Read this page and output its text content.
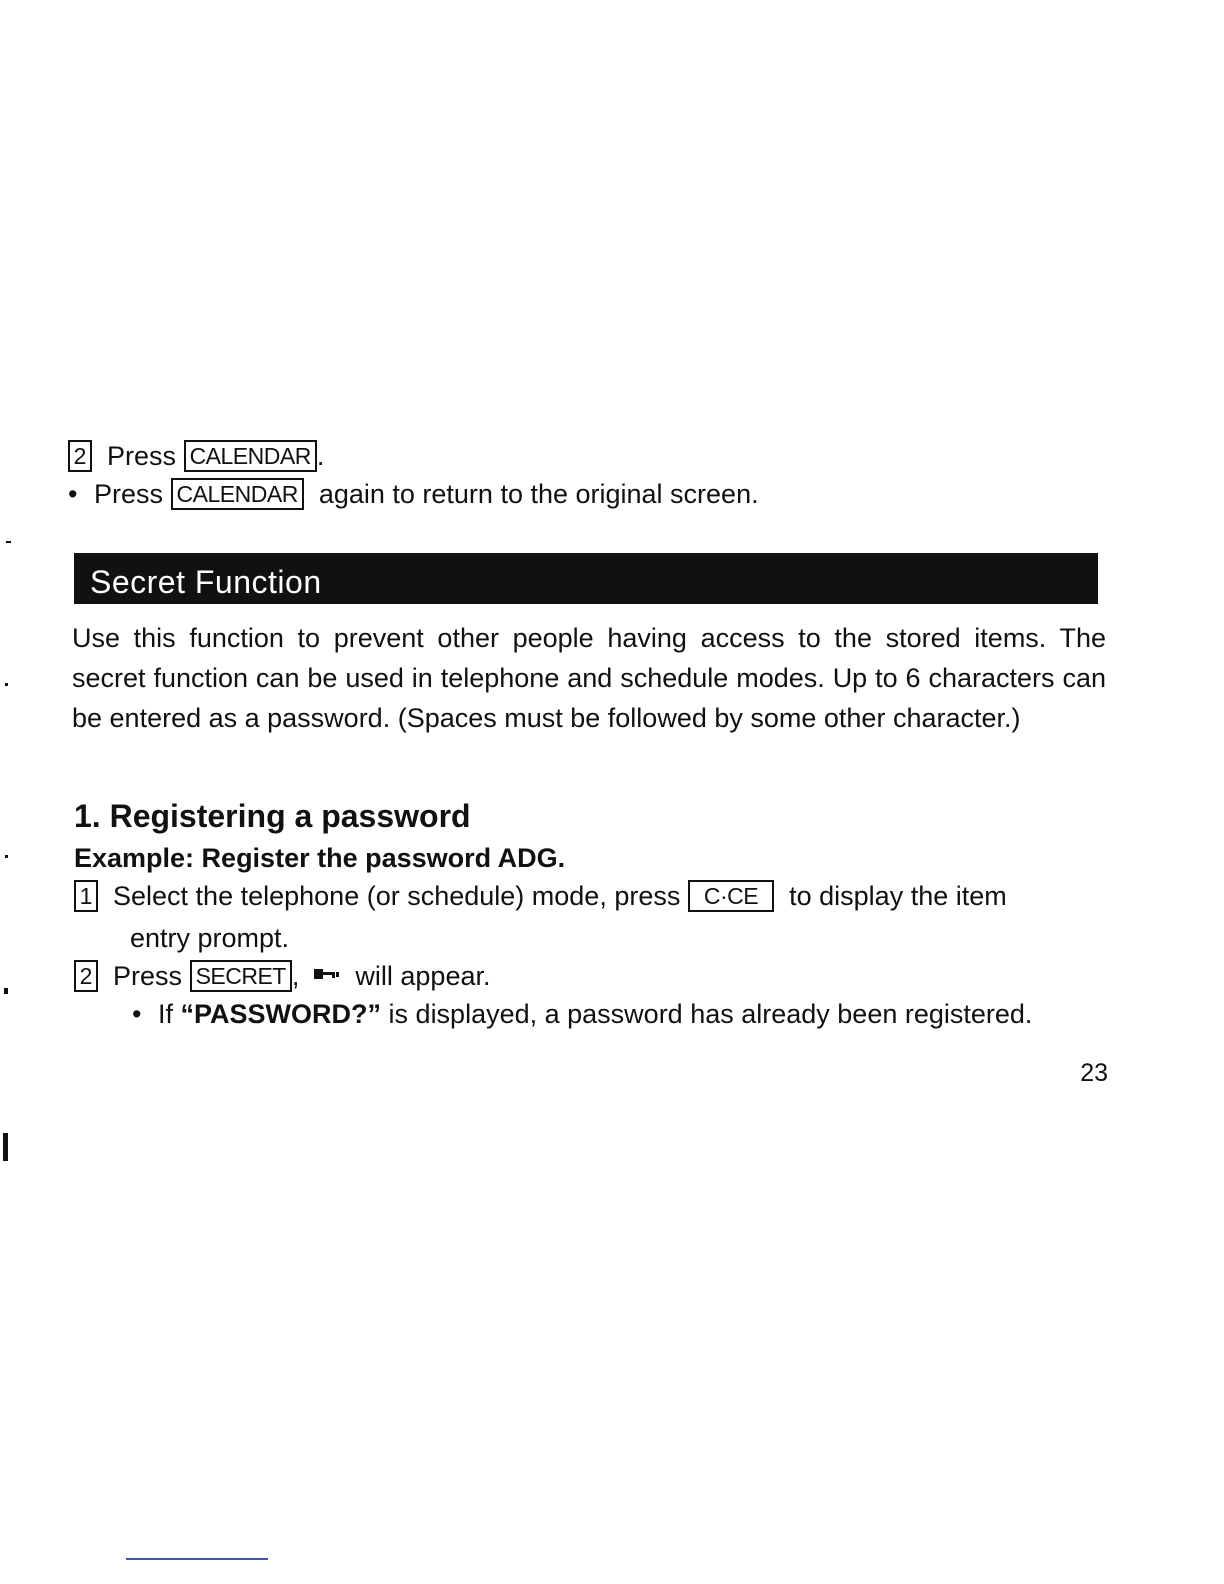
2 Press CALENDAR .
• Press CALENDAR again to return to the original screen.
Secret Function
Use this function to prevent other people having access to the stored items. The secret function can be used in telephone and schedule modes. Up to 6 characters can be entered as a password. (Spaces must be followed by some other character.)
1. Registering a password
Example: Register the password ADG.
1 Select the telephone (or schedule) mode, press C·CE to display the item
entry prompt.
2 Press SECRET , will appear.
• If “PASSWORD?” is displayed, a password has already been registered.
23
